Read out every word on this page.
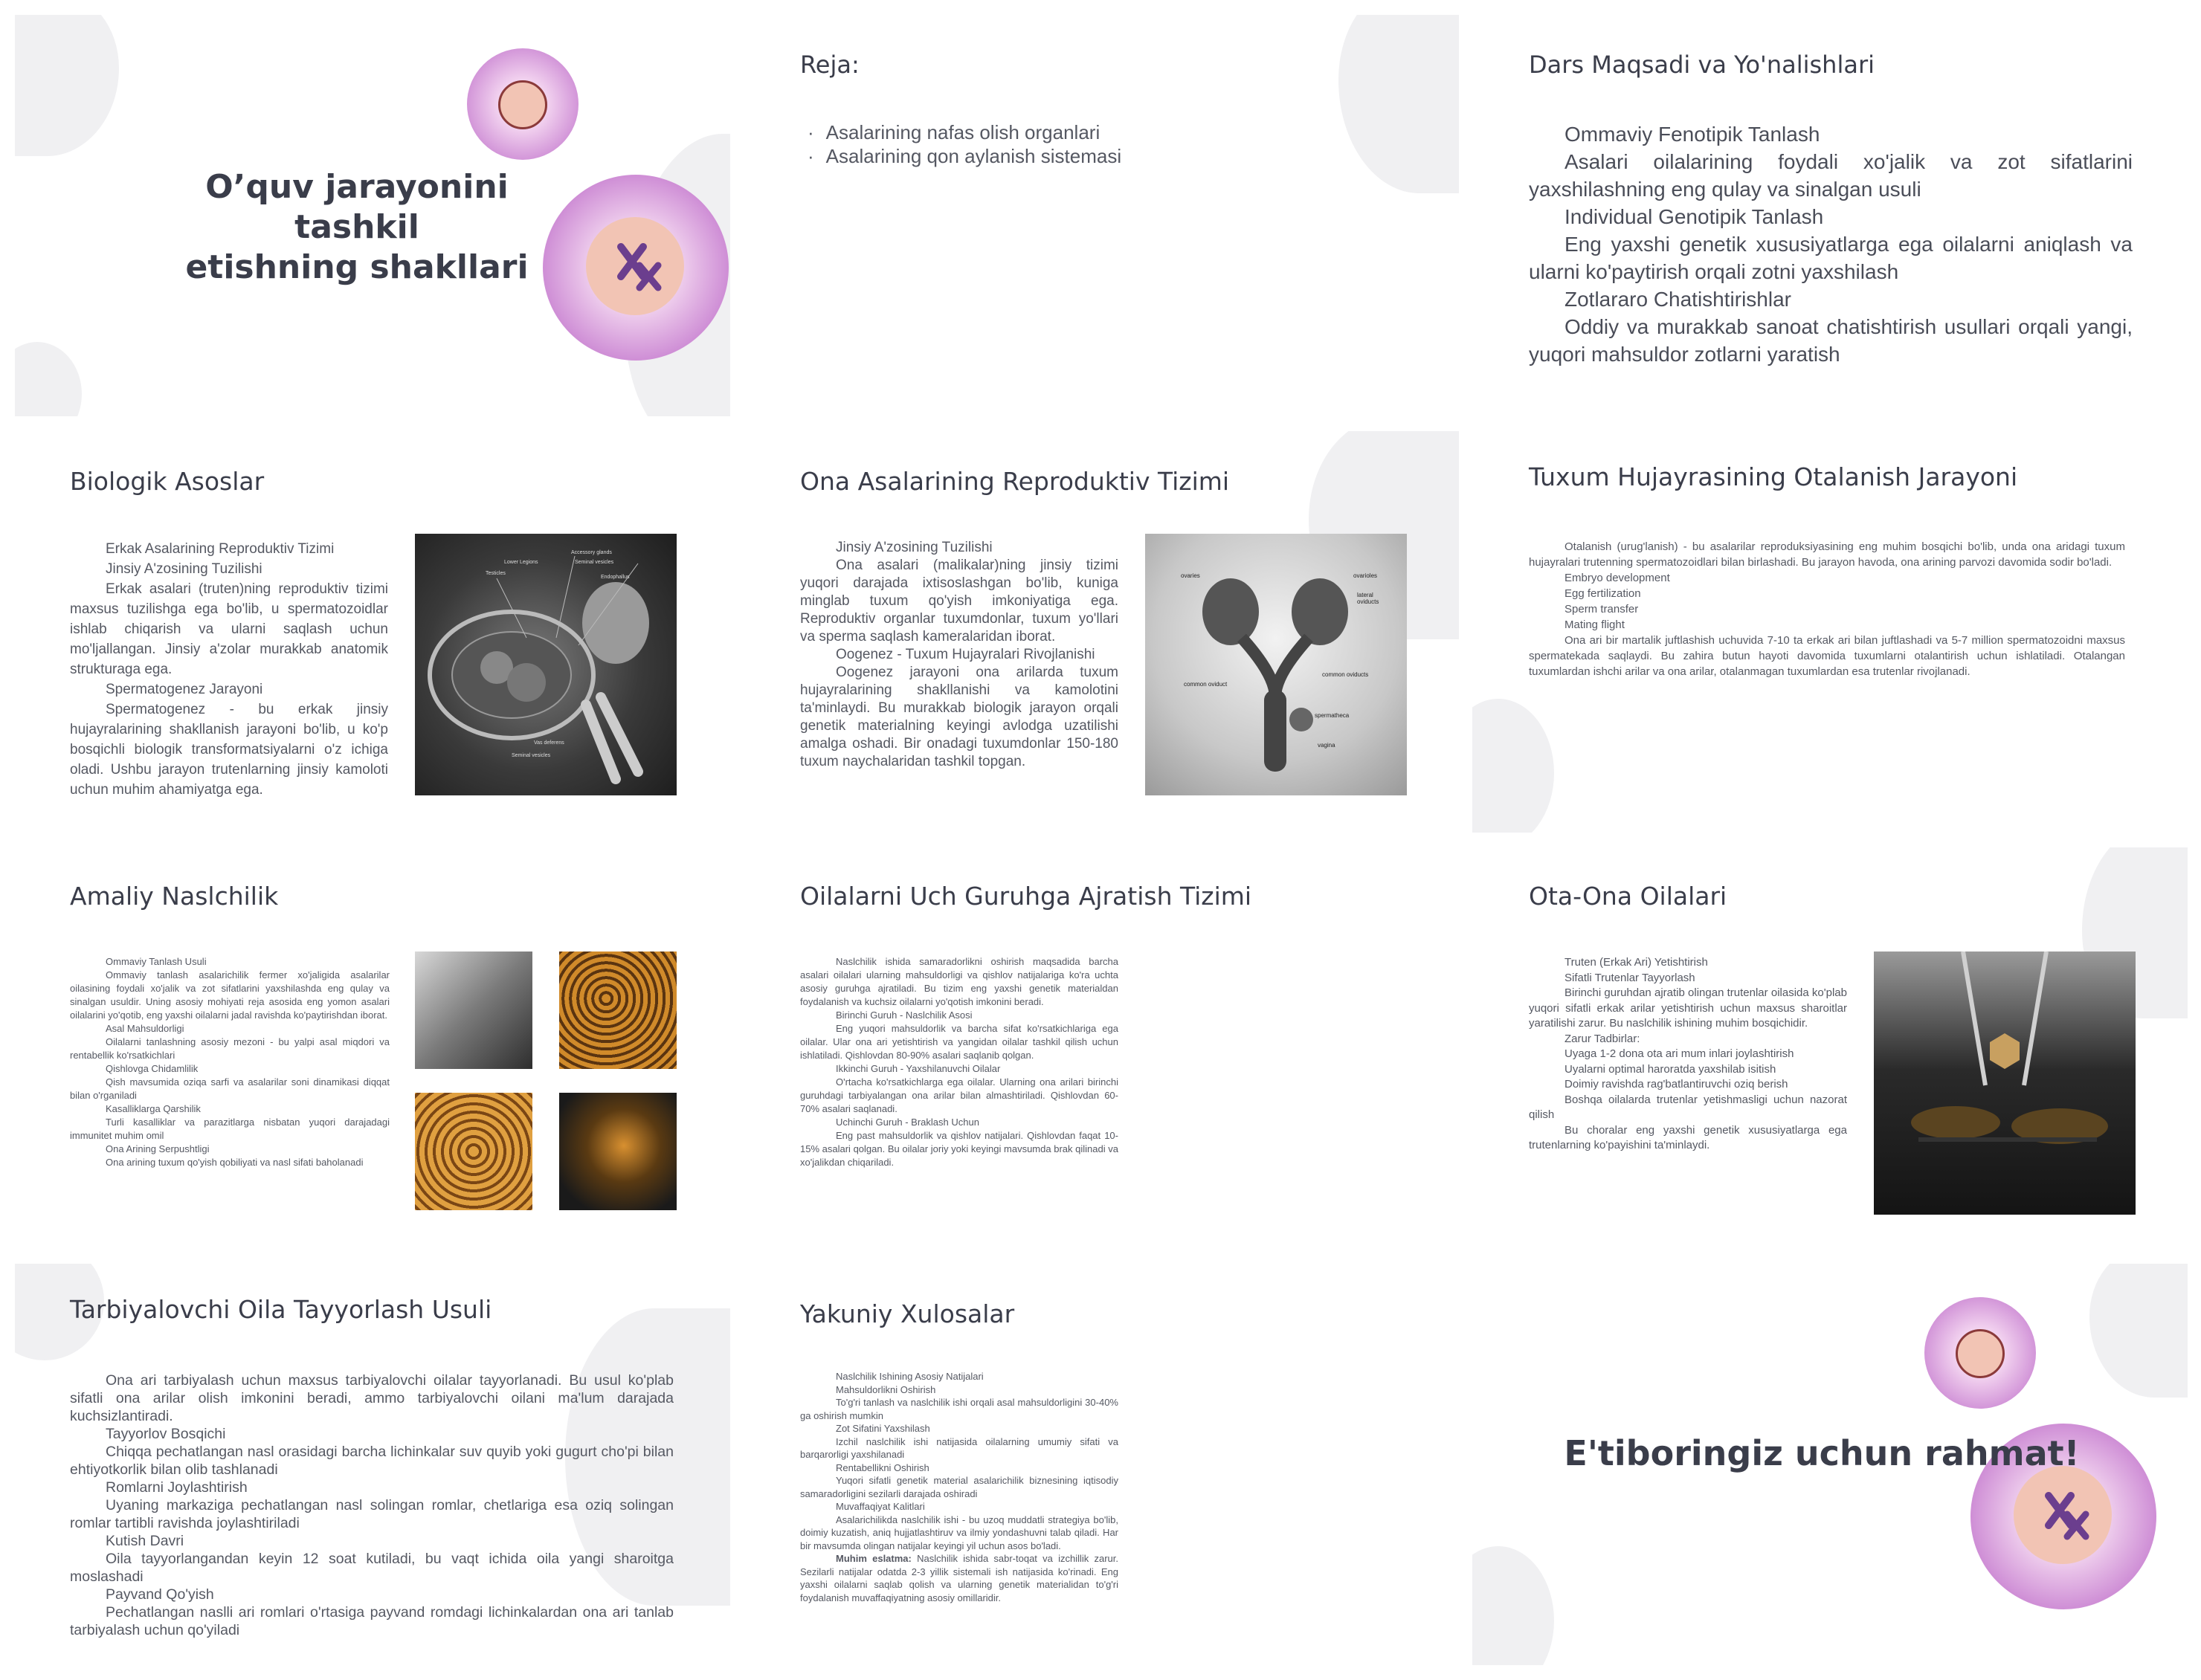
O’quv jarayonini tashkil
etishning shakllari
Reja:
· Asalarining nafas olish organlari
· Asalarining qon aylanish sistemasi
Dars Maqsadi va Yo'nalishlari

Ommaviy Fenotipik Tanlash

Asalari oilalarining foydali xo'jalik va zot sifatlarini yaxshilashning eng qulay va sinalgan usuli

Individual Genotipik Tanlash

Eng yaxshi genetik xususiyatlarga ega oilalarni aniqlash va ularni ko'paytirish orqali zotni yaxshilash

Zotlararo Chatishtirishlar

Oddiy va murakkab sanoat chatishtirish usullari orqali yangi, yuqori mahsuldor zotlarni yaratish

Biologik Asoslar

Erkak Asalarining Reproduktiv Tizimi

Jinsiy A'zosining Tuzilishi

Erkak asalari (truten)ning reproduktiv tizimi maxsus tuzilishga ega bo'lib, u spermatozoidlar ishlab chiqarish va ularni saqlash uchun mo'ljallangan. Jinsiy a'zolar murakkab anatomik strukturaga ega.

Spermatogenez Jarayoni

Spermatogenez - bu erkak jinsiy hujayralarining shakllanish jarayoni bo'lib, u ko'p bosqichli biologik transformatsiyalarni o'z ichiga oladi. Ushbu jarayon trutenlarning jinsiy kamoloti uchun muhim ahamiyatga ega.

Lower Legions
Accessory glands
Seminal vesicles
Testicles
Endophallus
Vas deferens
Seminal vesicles
Ona Asalarining Reproduktiv Tizimi

Jinsiy A'zosining Tuzilishi

Ona asalari (malikalar)ning jinsiy tizimi yuqori darajada ixtisoslashgan bo'lib, kuniga minglab tuxum qo'yish imkoniyatiga ega. Reproduktiv organlar tuxumdonlar, tuxum yo'llari va sperma saqlash kameralaridan iborat.

Oogenez - Tuxum Hujayralari Rivojlanishi

Oogenez jarayoni ona arilarda tuxum hujayralarining shakllanishi va kamolotini ta'minlaydi. Bu murakkab biologik jarayon orqali genetik materialning keyingi avlodga uzatilishi amalga oshadi. Bir onadagi tuxumdonlar 150-180 tuxum naychalaridan tashkil topgan.

ovaries	ovarioles
lateral oviducts
common oviducts
common oviduct
spermatheca
vagina
Tuxum Hujayrasining Otalanish Jarayoni

Otalanish (urug'lanish) - bu asalarilar reproduksiyasining eng muhim bosqichi bo'lib, unda ona aridagi tuxum hujayralari trutenning spermatozoidlari bilan birlashadi. Bu jarayon havoda, ona arining parvozi davomida sodir bo'ladi.

Embryo development

Egg fertilization

Sperm transfer

Mating flight

Ona ari bir martalik juftlashish uchuvida 7-10 ta erkak ari bilan juftlashadi va 5-7 million spermatozoidni maxsus spermatekada saqlaydi. Bu zahira butun hayoti davomida tuxumlarni otalantirish uchun ishlatiladi. Otalangan tuxumlardan ishchi arilar va ona arilar, otalanmagan tuxumlardan esa trutenlar rivojlanadi.

Amaliy Naslchilik

Ommaviy Tanlash Usuli

Ommaviy tanlash asalarichilik fermer xo'jaligida asalarilar oilasining foydali xo'jalik va zot sifatlarini yaxshilashda eng qulay va sinalgan usuldir. Uning asosiy mohiyati reja asosida eng yomon asalari oilalarini yo'qotib, eng yaxshi oilalarni jadal ravishda ko'paytirishdan iborat.

Asal Mahsuldorligi

Oilalarni tanlashning asosiy mezoni - bu yalpi asal miqdori va rentabellik ko'rsatkichlari

Qishlovga Chidamlilik

Qish mavsumida oziqa sarfi va asalarilar soni dinamikasi diqqat bilan o'rganiladi

Kasalliklarga Qarshilik

Turli kasalliklar va parazitlarga nisbatan yuqori darajadagi immunitet muhim omil

Ona Arining Serpushtligi

Ona arining tuxum qo'yish qobiliyati va nasl sifati baholanadi

Oilalarni Uch Guruhga Ajratish Tizimi

Naslchilik ishida samaradorlikni oshirish maqsadida barcha asalari oilalari ularning mahsuldorligi va qishlov natijalariga ko'ra uchta asosiy guruhga ajratiladi. Bu tizim eng yaxshi genetik materialdan foydalanish va kuchsiz oilalarni yo'qotish imkonini beradi.

Birinchi Guruh - Naslchilik Asosi

Eng yuqori mahsuldorlik va barcha sifat ko'rsatkichlariga ega oilalar. Ular ona ari yetishtirish va yangidan oilalar tashkil qilish uchun ishlatiladi. Qishlovdan 80-90% asalari saqlanib qolgan.

Ikkinchi Guruh - Yaxshilanuvchi Oilalar

O'rtacha ko'rsatkichlarga ega oilalar. Ularning ona arilari birinchi guruhdagi tarbiyalangan ona arilar bilan almashtiriladi. Qishlovdan 60-70% asalari saqlanadi.

Uchinchi Guruh - Braklash Uchun

Eng past mahsuldorlik va qishlov natijalari. Qishlovdan faqat 10-15% asalari qolgan. Bu oilalar joriy yoki keyingi mavsumda brak qilinadi va xo'jalikdan chiqariladi.

Ota-Ona Oilalari

Truten (Erkak Ari) Yetishtirish

Sifatli Trutenlar Tayyorlash

Birinchi guruhdan ajratib olingan trutenlar oilasida ko'plab yuqori sifatli erkak arilar yetishtirish uchun maxsus sharoitlar yaratilishi zarur. Bu naslchilik ishining muhim bosqichidir.

Zarur Tadbirlar:

Uyaga 1-2 dona ota ari mum inlari joylashtirish

Uyalarni optimal haroratda yaxshilab isitish

Doimiy ravishda rag'batlantiruvchi oziq berish

Boshqa oilalarda trutenlar yetishmasligi uchun nazorat qilish

Bu choralar eng yaxshi genetik xususiyatlarga ega trutenlarning ko'payishini ta'minlaydi.

Tarbiyalovchi Oila Tayyorlash Usuli

Ona ari tarbiyalash uchun maxsus tarbiyalovchi oilalar tayyorlanadi. Bu usul ko'plab sifatli ona arilar olish imkonini beradi, ammo tarbiyalovchi oilani ma'lum darajada kuchsizlantiradi.

Tayyorlov Bosqichi

Chiqqa pechatlangan nasl orasidagi barcha lichinkalar suv quyib yoki gugurt cho'pi bilan ehtiyotkorlik bilan olib tashlanadi

Romlarni Joylashtirish

Uyaning markaziga pechatlangan nasl solingan romlar, chetlariga esa oziq solingan romlar tartibli ravishda joylashtiriladi

Kutish Davri

Oila tayyorlangandan keyin 12 soat kutiladi, bu vaqt ichida oila yangi sharoitga moslashadi

Payvand Qo'yish

Pechatlangan naslli ari romlari o'rtasiga payvand romdagi lichinkalardan ona ari tanlab tarbiyalash uchun qo'yiladi

Yakuniy Xulosalar

Naslchilik Ishining Asosiy Natijalari

Mahsuldorlikni Oshirish

To'g'ri tanlash va naslchilik ishi orqali asal mahsuldorligini 30-40% ga oshirish mumkin

Zot Sifatini Yaxshilash

Izchil naslchilik ishi natijasida oilalarning umumiy sifati va barqarorligi yaxshilanadi

Rentabellikni Oshirish

Yuqori sifatli genetik material asalarichilik biznesining iqtisodiy samaradorligini sezilarli darajada oshiradi

Muvaffaqiyat Kalitlari

Asalarichilikda naslchilik ishi - bu uzoq muddatli strategiya bo'lib, doimiy kuzatish, aniq hujjatlashtiruv va ilmiy yondashuvni talab qiladi. Har bir mavsumda olingan natijalar keyingi yil uchun asos bo'ladi.

Muhim eslatma: Naslchilik ishida sabr-toqat va izchillik zarur. Sezilarli natijalar odatda 2-3 yillik sistemali ish natijasida ko'rinadi. Eng yaxshi oilalarni saqlab qolish va ularning genetik materialidan to'g'ri foydalanish muvaffaqiyatning asosiy omillaridir.

E'tiboringiz uchun rahmat!
